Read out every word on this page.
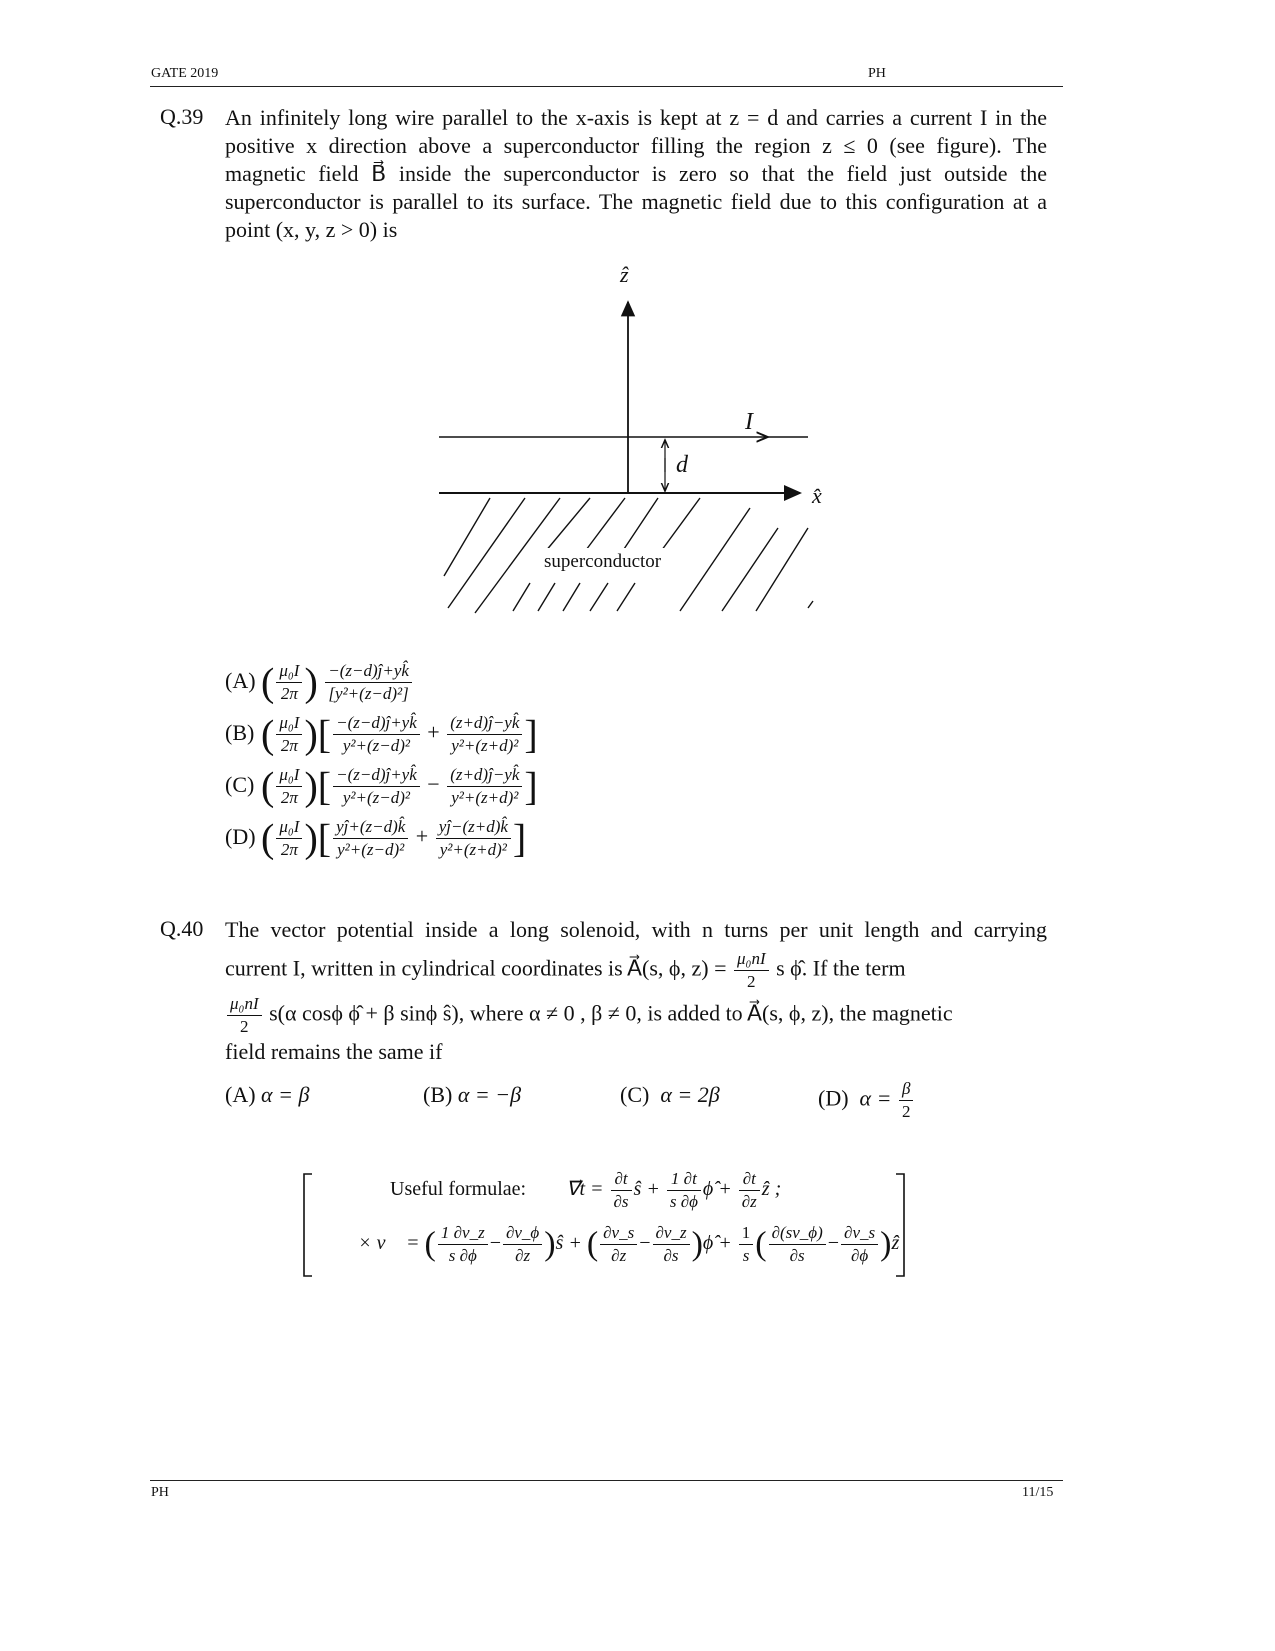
GATE 2019	PH
Q.39 An infinitely long wire parallel to the x-axis is kept at z = d and carries a current I in the positive x direction above a superconductor filling the region z ≤ 0 (see figure). The magnetic field B⃗ inside the superconductor is zero so that the field just outside the superconductor is parallel to its surface. The magnetic field due to this configuration at a point (x, y, z > 0) is

ẑ
x̂
I
d
superconductor
(A) ( $\frac{\text{μ₀I}}{2\pi}$ ) $\frac{-(z-d)ĵ+yk̂}{\text{[y²+(z−d)²]}}$
(B) ( $\frac{\text{μ₀I}}{2\pi}$ )[ $\frac{-(z-d)ĵ+yk̂}{\text{y²+(z−d)²}} + \frac{(z+d)ĵ-yk̂}{\text{y²+(z+d)²}}$ ]
(C) ( $\frac{\text{μ₀I}}{2\pi}$ )[ $\frac{-(z-d)ĵ+yk̂}{\text{y²+(z−d)²}} - \frac{(z+d)ĵ-yk̂}{\text{y²+(z+d)²}}$ ]
(D) ( $\frac{\text{μ₀I}}{2\pi}$ )[ $\frac{yĵ+(z-d)k̂}{\text{y²+(z−d)²}} + \frac{yĵ-(z+d)k̂}{\text{y²+(z+d)²}}$ ]
Q.40 The vector potential inside a long solenoid, with n turns per unit length and carrying
current I, written in cylindrical coordinates is A⃗(s, ϕ, $z) = \frac{\text{μ₀nI}}{2}$ s ϕ̂. If the term
$\frac{\text{μ₀nI}}{2} s(\alpha$ cosϕ ϕ̂ + β sinϕ ŝ), where α ≠ 0 , β ≠ 0, is added to A⃗(s, ϕ, z), the magnetic
field remains the same if
(A) α = β	(B) α = −β	(C) α = 2β	(D) $\alpha = \frac{\beta}{2}$
Useful formulae: ∇⃗t = $\frac{\partial t}{\partial s}$ ŝ + $\frac{1 \partial t}{s \partial\phi}$ ϕ̂ + $\frac{\partial t}{\partial z}$ ẑ ;
∇⃗ × v⃗ = ( $\frac{1 \partial v\_z}{s \partial\phi} - \frac{\partial v\_\phi}{\partial z}$ )ŝ + ( $\frac{\partial v\_s}{\partial z} - \frac{\partial v\_z}{\partial s}$ )ϕ̂ + $\frac{1}{s}$ ( $\frac{\partial(sv\_\phi)}{\partial s} - \frac{\partial v\_s}{\partial\phi}$ )ẑ
PH	11/15
